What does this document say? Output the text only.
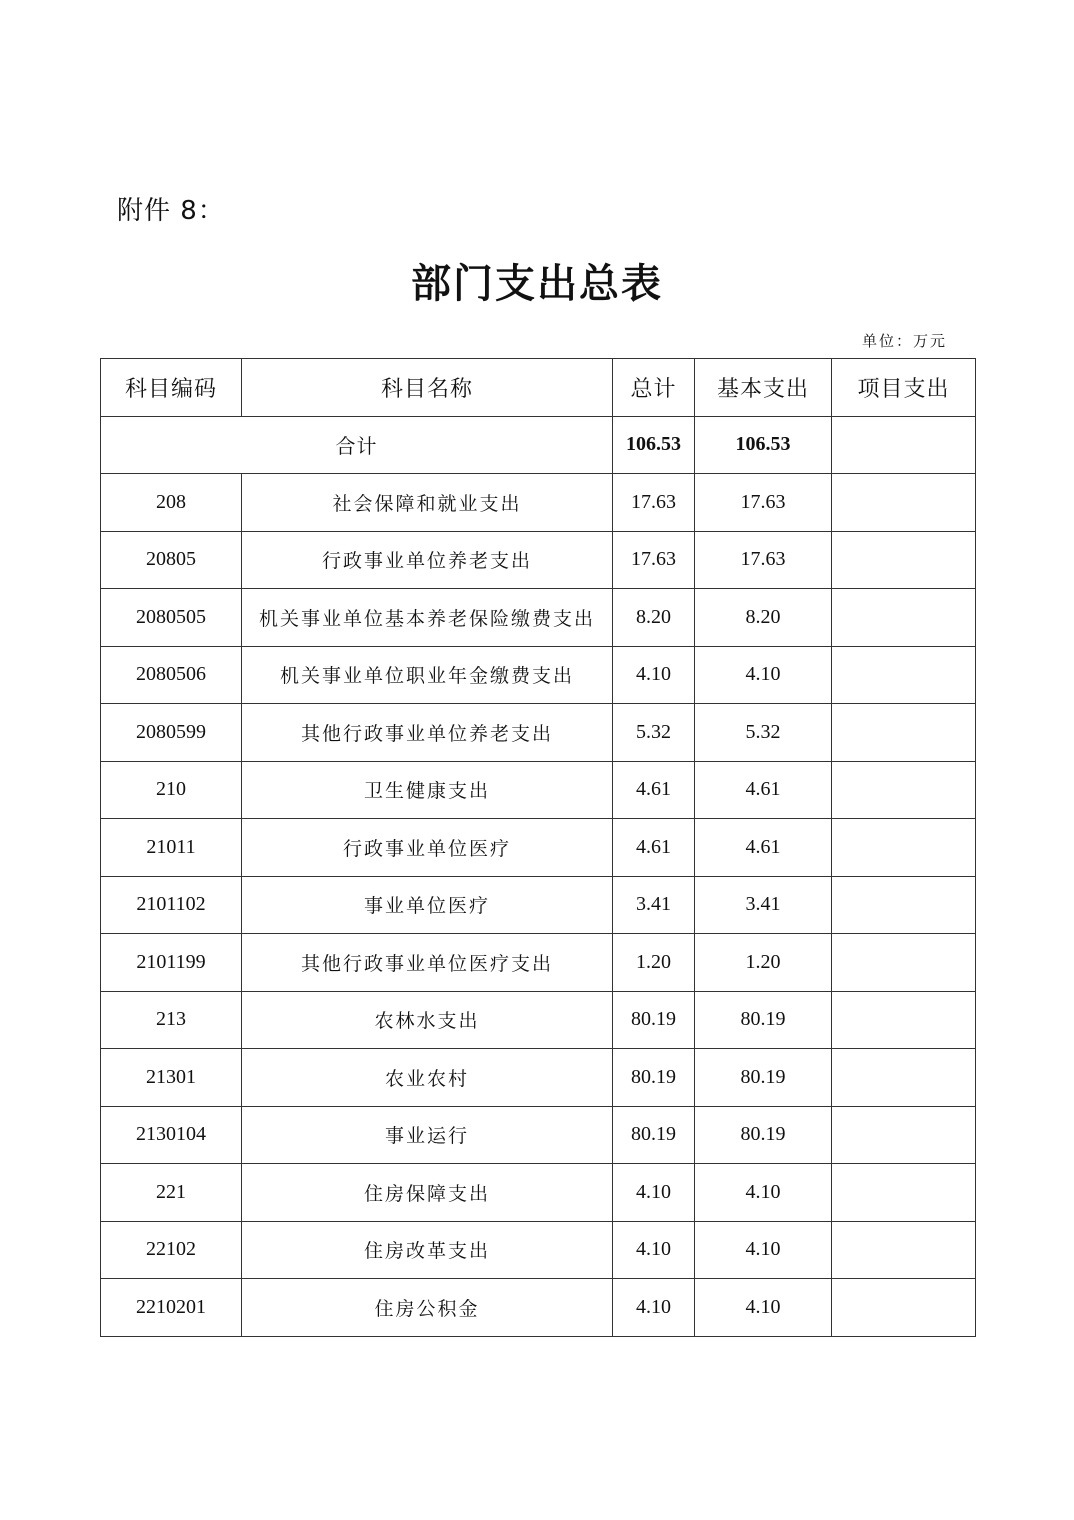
附件 8：
部门支出总表
单位：万元
科目编码	科目名称	总计	基本支出	项目支出
合计		106.53	106.53	
208	社会保障和就业支出	17.63	17.63	
20805	行政事业单位养老支出	17.63	17.63	
2080505	机关事业单位基本养老保险缴费支出	8.20	8.20	
2080506	机关事业单位职业年金缴费支出	4.10	4.10	
2080599	其他行政事业单位养老支出	5.32	5.32	
210	卫生健康支出	4.61	4.61	
21011	行政事业单位医疗	4.61	4.61	
2101102	事业单位医疗	3.41	3.41	
2101199	其他行政事业单位医疗支出	1.20	1.20	
213	农林水支出	80.19	80.19	
21301	农业农村	80.19	80.19	
2130104	事业运行	80.19	80.19	
221	住房保障支出	4.10	4.10	
22102	住房改革支出	4.10	4.10	
2210201	住房公积金	4.10	4.10	
